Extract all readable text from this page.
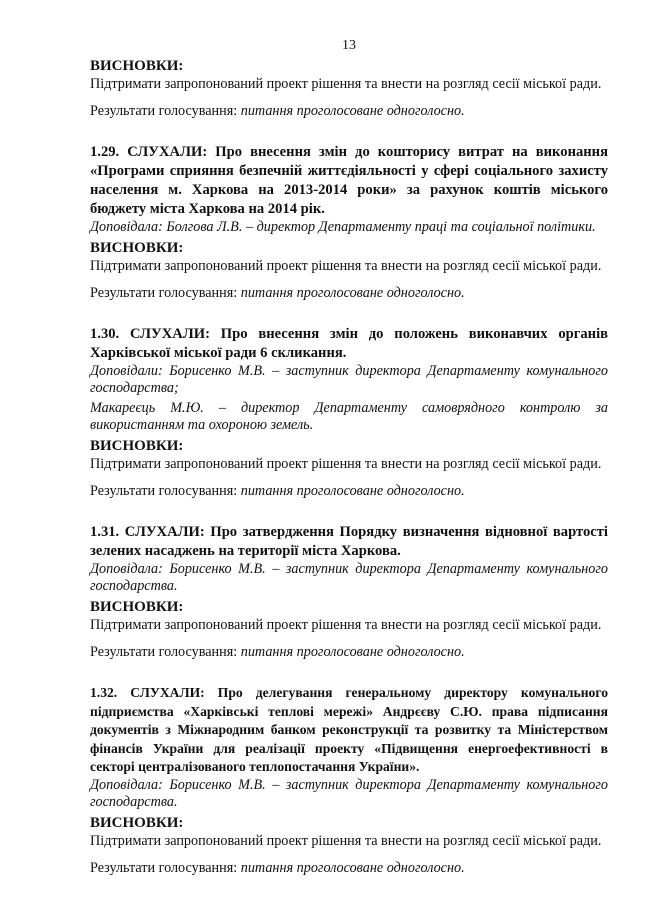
13

ВИСНОВКИ:

Підтримати запропонований проект рішення та внести на розгляд сесії міської ради.

Результати голосування: питання проголосоване одноголосно.

1.29. СЛУХАЛИ: Про внесення змін до кошторису витрат на виконання «Програми сприяння безпечній життєдіяльності у сфері соціального захисту населення м. Харкова на 2013-2014 роки» за рахунок коштів міського бюджету міста Харкова на 2014 рік.

Доповідала: Болгова Л.В. – директор Департаменту праці та соціальної політики.

ВИСНОВКИ:

Підтримати запропонований проект рішення та внести на розгляд сесії міської ради.

Результати голосування: питання проголосоване одноголосно.

1.30. СЛУХАЛИ: Про внесення змін до положень виконавчих органів Харківської міської ради 6 скликання.

Доповідали: Борисенко М.В. – заступник директора Департаменту комунального господарства;

Макареєць М.Ю. – директор Департаменту самоврядного контролю за використанням та охороною земель.

ВИСНОВКИ:

Підтримати запропонований проект рішення та внести на розгляд сесії міської ради.

Результати голосування: питання проголосоване одноголосно.

1.31. СЛУХАЛИ: Про затвердження Порядку визначення відновної вартості зелених насаджень на території міста Харкова.

Доповідала: Борисенко М.В. – заступник директора Департаменту комунального господарства.

ВИСНОВКИ:

Підтримати запропонований проект рішення та внести на розгляд сесії міської ради.

Результати голосування: питання проголосоване одноголосно.

1.32. СЛУХАЛИ: Про делегування генеральному директору комунального підприємства «Харківські теплові мережі» Андрєєву С.Ю. права підписання документів з Міжнародним банком реконструкції та розвитку та Міністерством фінансів України для реалізації проекту «Підвищення енергоефективності в секторі централізованого теплопостачання України».

Доповідала: Борисенко М.В. – заступник директора Департаменту комунального господарства.

ВИСНОВКИ:

Підтримати запропонований проект рішення та внести на розгляд сесії міської ради.

Результати голосування: питання проголосоване одноголосно.
